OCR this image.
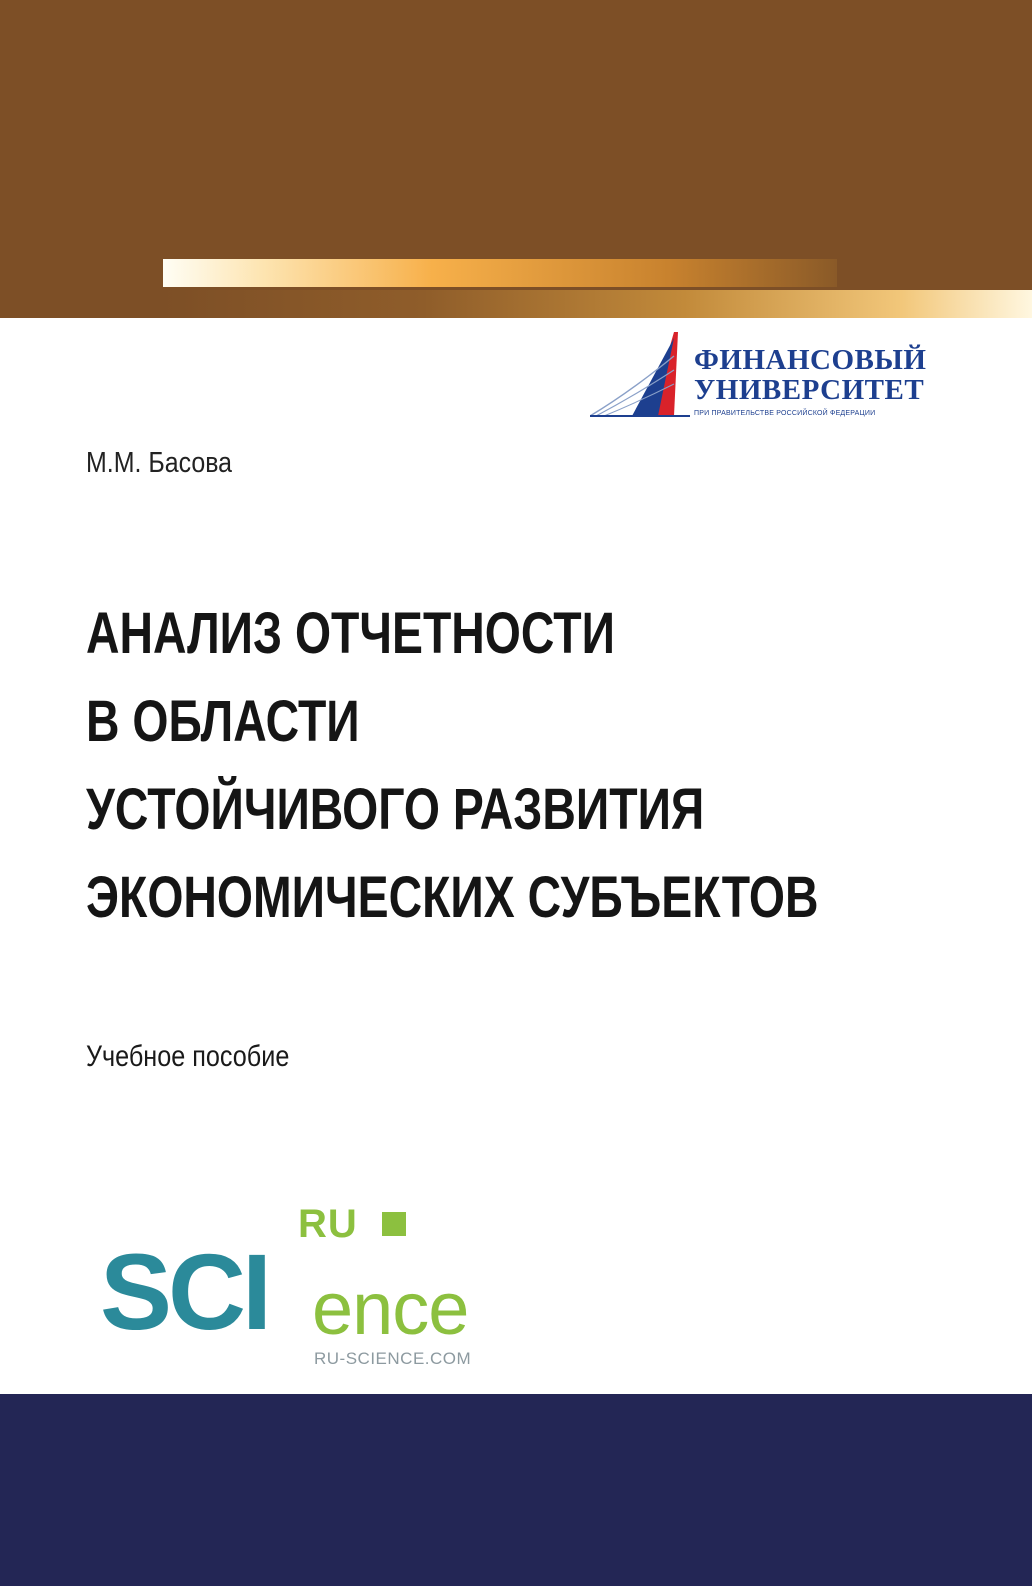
ФИНАНСОВЫЙ
УНИВЕРСИТЕТ
ПРИ ПРАВИТЕЛЬСТВЕ РОССИЙСКОЙ ФЕДЕРАЦИИ
М.М. Басова
АНАЛИЗ ОТЧЕТНОСТИ
В ОБЛАСТИ
УСТОЙЧИВОГО РАЗВИТИЯ
ЭКОНОМИЧЕСКИХ СУБЪЕКТОВ
Учебное пособие
RU
SCI ence
RU-SCIENCE.COM
